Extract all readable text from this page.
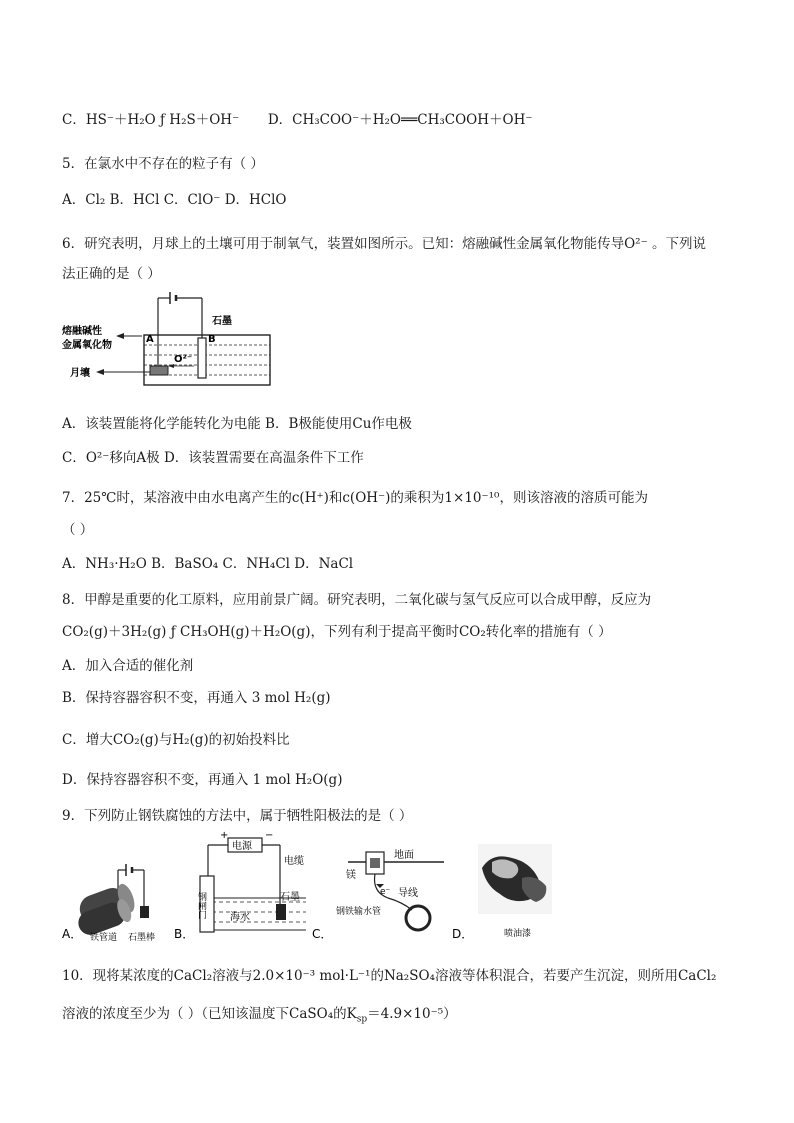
C．HS⁻＋H₂O ƒ H₂S＋OH⁻ D．CH₃COO⁻＋H₂O══CH₃COOH＋OH⁻
5．在氯水中不存在的粒子有（ ）
A．Cl₂ B．HCl C．ClO⁻ D．HClO
6．研究表明，月球上的土壤可用于制氧气，装置如图所示。已知：熔融碱性金属氧化物能传导O²⁻ 。下列说
法正确的是（ ）
熔融碱性
金属氧化物
月壤
石墨
A	B
O²⁻
A．该装置能将化学能转化为电能 B．B极能使用Cu作电极
C．O²⁻移向A极 D．该装置需要在高温条件下工作
7．25℃时，某溶液中由水电离产生的c(H⁺)和c(OH⁻)的乘积为1×10⁻¹⁰，则该溶液的溶质可能为
（ ）
A．NH₃·H₂O B．BaSO₄ C．NH₄Cl D．NaCl
8．甲醇是重要的化工原料，应用前景广阔。研究表明，二氧化碳与氢气反应可以合成甲醇，反应为
CO₂(g)＋3H₂(g) ƒ CH₃OH(g)＋H₂O(g)，下列有利于提高平衡时CO₂转化率的措施有（ ）
A．加入合适的催化剂
B．保持容器容积不变，再通入 3 mol H₂(g)
C．增大CO₂(g)与H₂(g)的初始投料比
D．保持容器容积不变，再通入 1 mol H₂O(g)
9．下列防止钢铁腐蚀的方法中，属于牺牲阳极法的是（ ）
A． 铁管道 石墨棒 B．
电源
+	−
电缆
钢闸门 海水
石墨
C．
地面
镁
e⁻ 导线
钢铁输水管
D．	喷油漆
10．现将某浓度的CaCl₂溶液与2.0×10⁻³ mol·L⁻¹的Na₂SO₄溶液等体积混合，若要产生沉淀，则所用CaCl₂
溶液的浓度至少为（ ）（已知该温度下CaSO₄的$K_{sp}=4.9\times 10^{-5}$）
